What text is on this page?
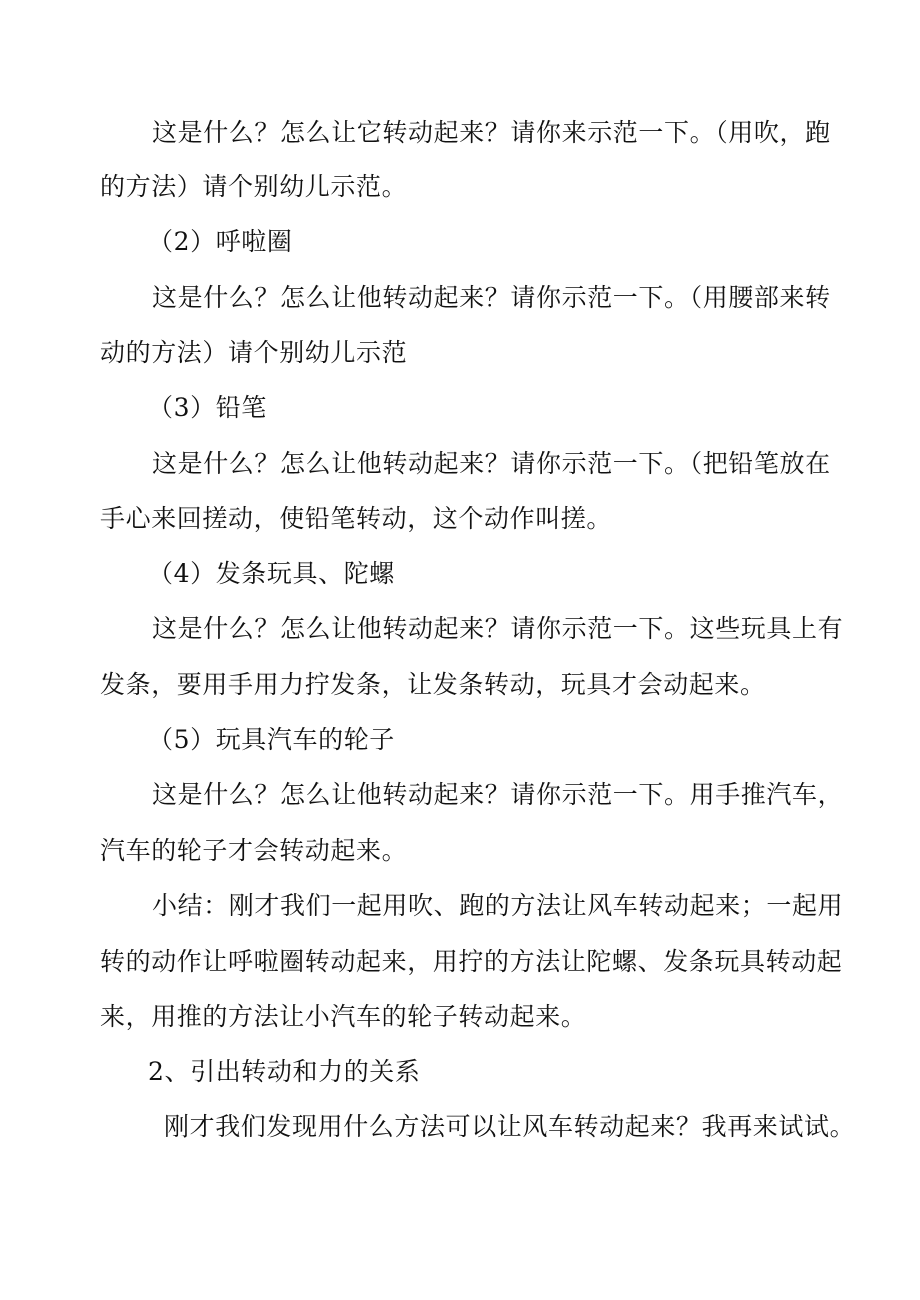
这是什么？怎么让它转动起来？请你来示范一下。（用吹，跑
的方法）请个别幼儿示范。
（2）呼啦圈
这是什么？怎么让他转动起来？请你示范一下。（用腰部来转
动的方法）请个别幼儿示范
（3）铅笔
这是什么？怎么让他转动起来？请你示范一下。（把铅笔放在
手心来回搓动，使铅笔转动，这个动作叫搓。
（4）发条玩具、陀螺
这是什么？怎么让他转动起来？请你示范一下。这些玩具上有
发条，要用手用力拧发条，让发条转动，玩具才会动起来。
（5）玩具汽车的轮子
这是什么？怎么让他转动起来？请你示范一下。用手推汽车，
汽车的轮子才会转动起来。
小结：刚才我们一起用吹、跑的方法让风车转动起来；一起用
转的动作让呼啦圈转动起来，用拧的方法让陀螺、发条玩具转动起
来，用推的方法让小汽车的轮子转动起来。
2、引出转动和力的关系
刚才我们发现用什么方法可以让风车转动起来？我再来试试。
